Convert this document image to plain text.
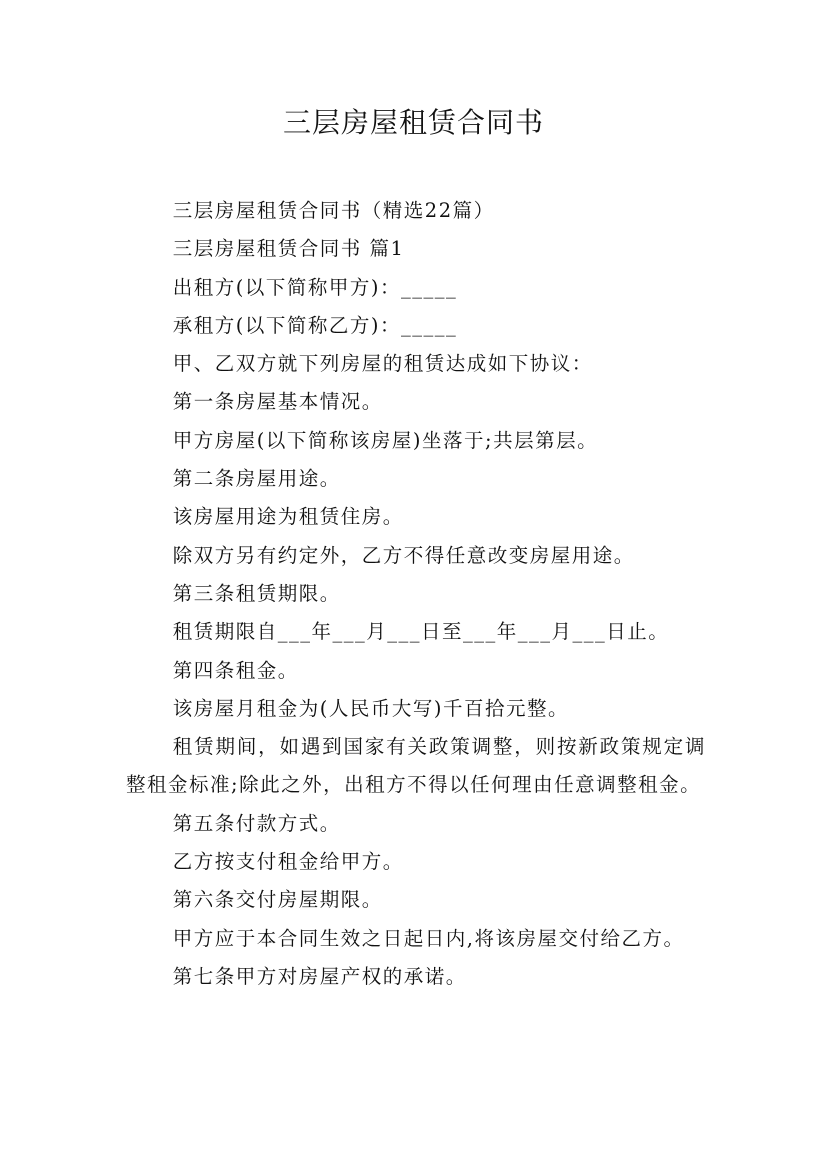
三层房屋租赁合同书

三层房屋租赁合同书（精选22篇）

三层房屋租赁合同书 篇1

出租方(以下简称甲方)：_____

承租方(以下简称乙方)：_____

甲、乙双方就下列房屋的租赁达成如下协议：

第一条房屋基本情况。

甲方房屋(以下简称该房屋)坐落于;共层第层。

第二条房屋用途。

该房屋用途为租赁住房。

除双方另有约定外，乙方不得任意改变房屋用途。

第三条租赁期限。

租赁期限自___年___月___日至___年___月___日止。

第四条租金。

该房屋月租金为(人民币大写)千百拾元整。

租赁期间，如遇到国家有关政策调整，则按新政策规定调整租金标准;除此之外，出租方不得以任何理由任意调整租金。

第五条付款方式。

乙方按支付租金给甲方。

第六条交付房屋期限。

甲方应于本合同生效之日起日内,将该房屋交付给乙方。

第七条甲方对房屋产权的承诺。
